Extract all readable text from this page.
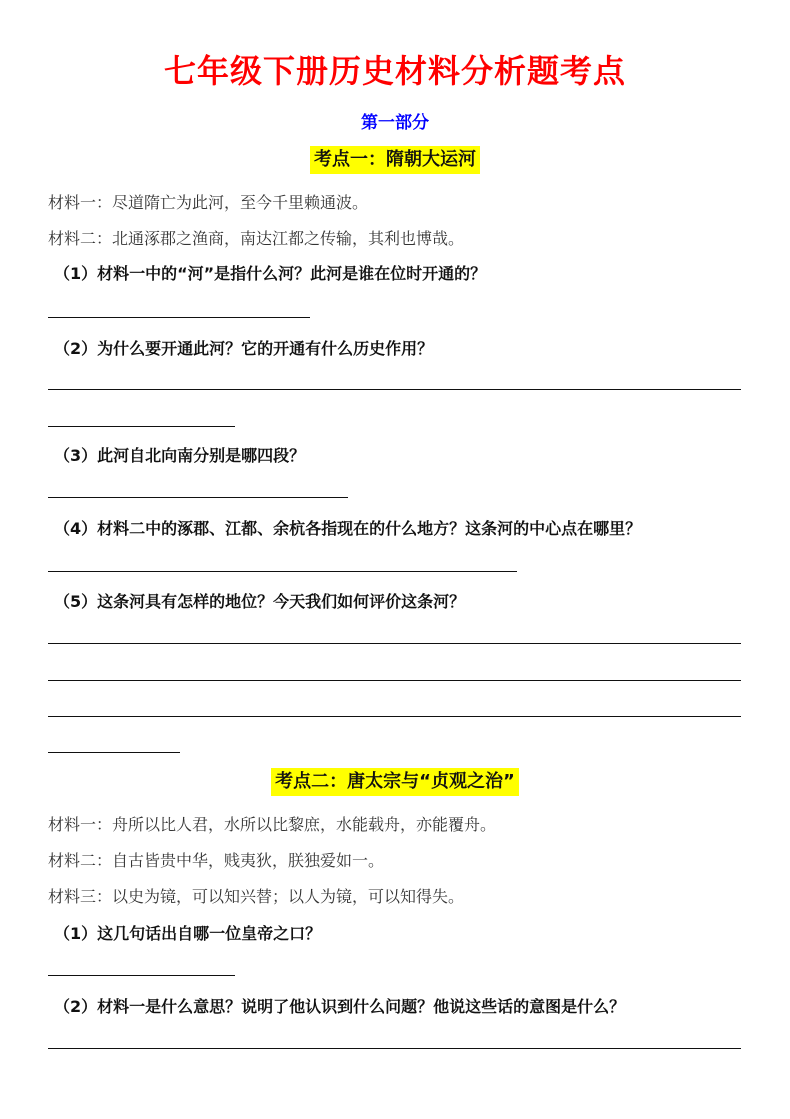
七年级下册历史材料分析题考点
第一部分
考点一：隋朝大运河
材料一：尽道隋亡为此河，至今千里赖通波。
材料二：北通涿郡之渔商，南达江都之传输，其利也博哉。
（1）材料一中的“河”是指什么河？此河是谁在位时开通的？
（2）为什么要开通此河？它的开通有什么历史作用？
（3）此河自北向南分别是哪四段？
（4）材料二中的涿郡、江都、余杭各指现在的什么地方？这条河的中心点在哪里？
（5）这条河具有怎样的地位？今天我们如何评价这条河？
考点二：唐太宗与“贞观之治”
材料一：舟所以比人君，水所以比黎庶，水能载舟，亦能覆舟。
材料二：自古皆贵中华，贱夷狄，朕独爱如一。
材料三：以史为镜，可以知兴替；以人为镜，可以知得失。
（1）这几句话出自哪一位皇帝之口？
（2）材料一是什么意思？说明了他认识到什么问题？他说这些话的意图是什么？
